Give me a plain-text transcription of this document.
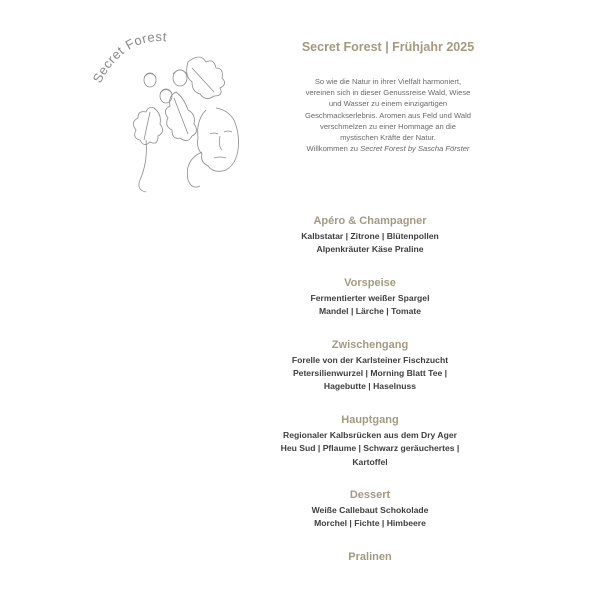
Secret Forest
Secret Forest | Frühjahr 2025
So wie die Natur in ihrer Vielfalt harmoniert,
vereinen sich in dieser Genussreise Wald, Wiese
und Wasser zu einem einzigartigen
Geschmackserlebnis. Aromen aus Feld und Wald
verschmelzen zu einer Hommage an die
mystischen Kräfte der Natur.
Willkommen zu Secret Forest by Sascha Förster
Apéro & Champagner
Kalbstatar | Zitrone | Blütenpollen
Alpenkräuter Käse Praline
Vorspeise
Fermentierter weißer Spargel
Mandel | Lärche | Tomate
Zwischengang
Forelle von der Karlsteiner Fischzucht
Petersilienwurzel | Morning Blatt Tee |
Hagebutte | Haselnuss
Hauptgang
Regionaler Kalbsrücken aus dem Dry Ager
Heu Sud | Pflaume | Schwarz geräuchertes |
Kartoffel
Dessert
Weiße Callebaut Schokolade
Morchel | Fichte | Himbeere
Pralinen
